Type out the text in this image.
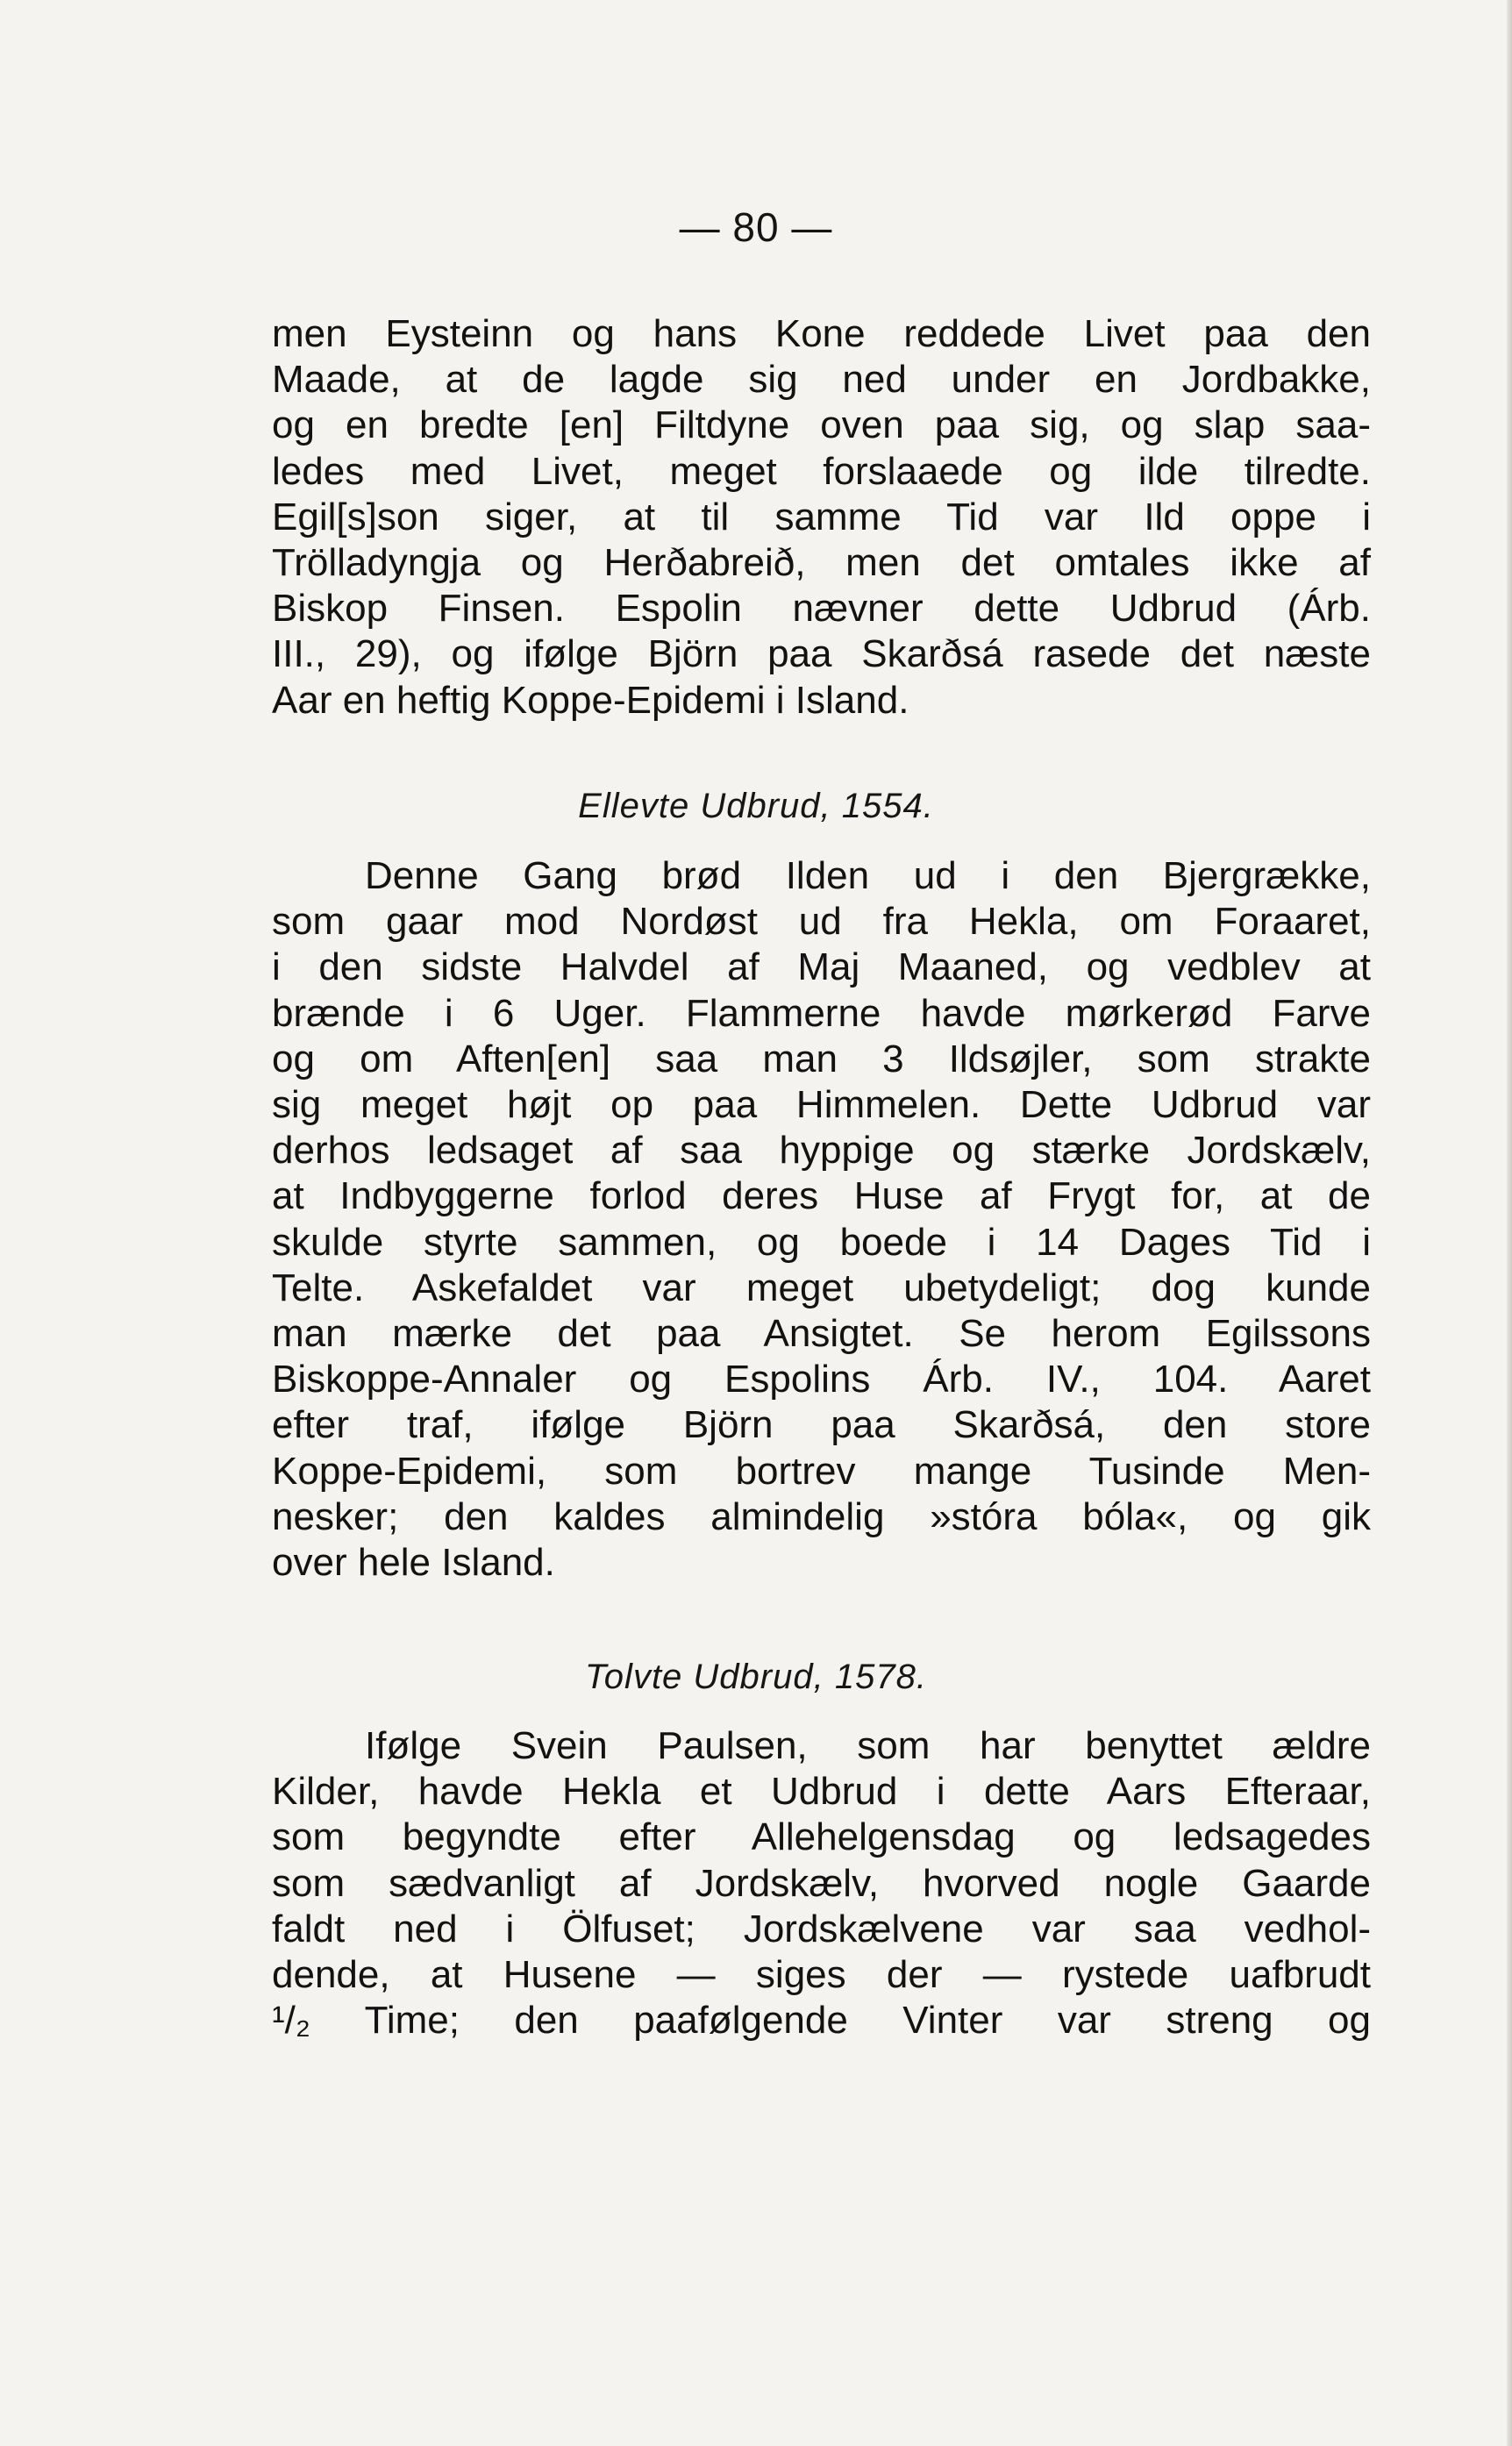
— 80 —
men Eysteinn og hans Kone reddede Livet paa den
Maade, at de lagde sig ned under en Jordbakke,
og en bredte [en] Filtdyne oven paa sig, og slap saa-
ledes med Livet, meget forslaaede og ilde tilredte.
Egil[s]son siger, at til samme Tid var Ild oppe i
Trölladyngja og Herðabreið, men det omtales ikke af
Biskop Finsen. Espolin nævner dette Udbrud (Árb.
III., 29), og ifølge Björn paa Skarðsá rasede det næste
Aar en heftig Koppe-Epidemi i Island.
Ellevte Udbrud, 1554.
Denne Gang brød Ilden ud i den Bjergrække,
som gaar mod Nordøst ud fra Hekla, om Foraaret,
i den sidste Halvdel af Maj Maaned, og vedblev at
brænde i 6 Uger. Flammerne havde mørkerød Farve
og om Aften[en] saa man 3 Ildsøjler, som strakte
sig meget højt op paa Himmelen. Dette Udbrud var
derhos ledsaget af saa hyppige og stærke Jordskælv,
at Indbyggerne forlod deres Huse af Frygt for, at de
skulde styrte sammen, og boede i 14 Dages Tid i
Telte. Askefaldet var meget ubetydeligt; dog kunde
man mærke det paa Ansigtet. Se herom Egilssons
Biskoppe-Annaler og Espolins Árb. IV., 104. Aaret
efter traf, ifølge Björn paa Skarðsá, den store
Koppe-Epidemi, som bortrev mange Tusinde Men-
nesker; den kaldes almindelig »stóra bóla«, og gik
over hele Island.
Tolvte Udbrud, 1578.
Ifølge Svein Paulsen, som har benyttet ældre
Kilder, havde Hekla et Udbrud i dette Aars Efteraar,
som begyndte efter Allehelgensdag og ledsagedes
som sædvanligt af Jordskælv, hvorved nogle Gaarde
faldt ned i Ölfuset; Jordskælvene var saa vedhol-
dende, at Husene — siges der — rystede uafbrudt
¹/₂ Time; den paafølgende Vinter var streng og
